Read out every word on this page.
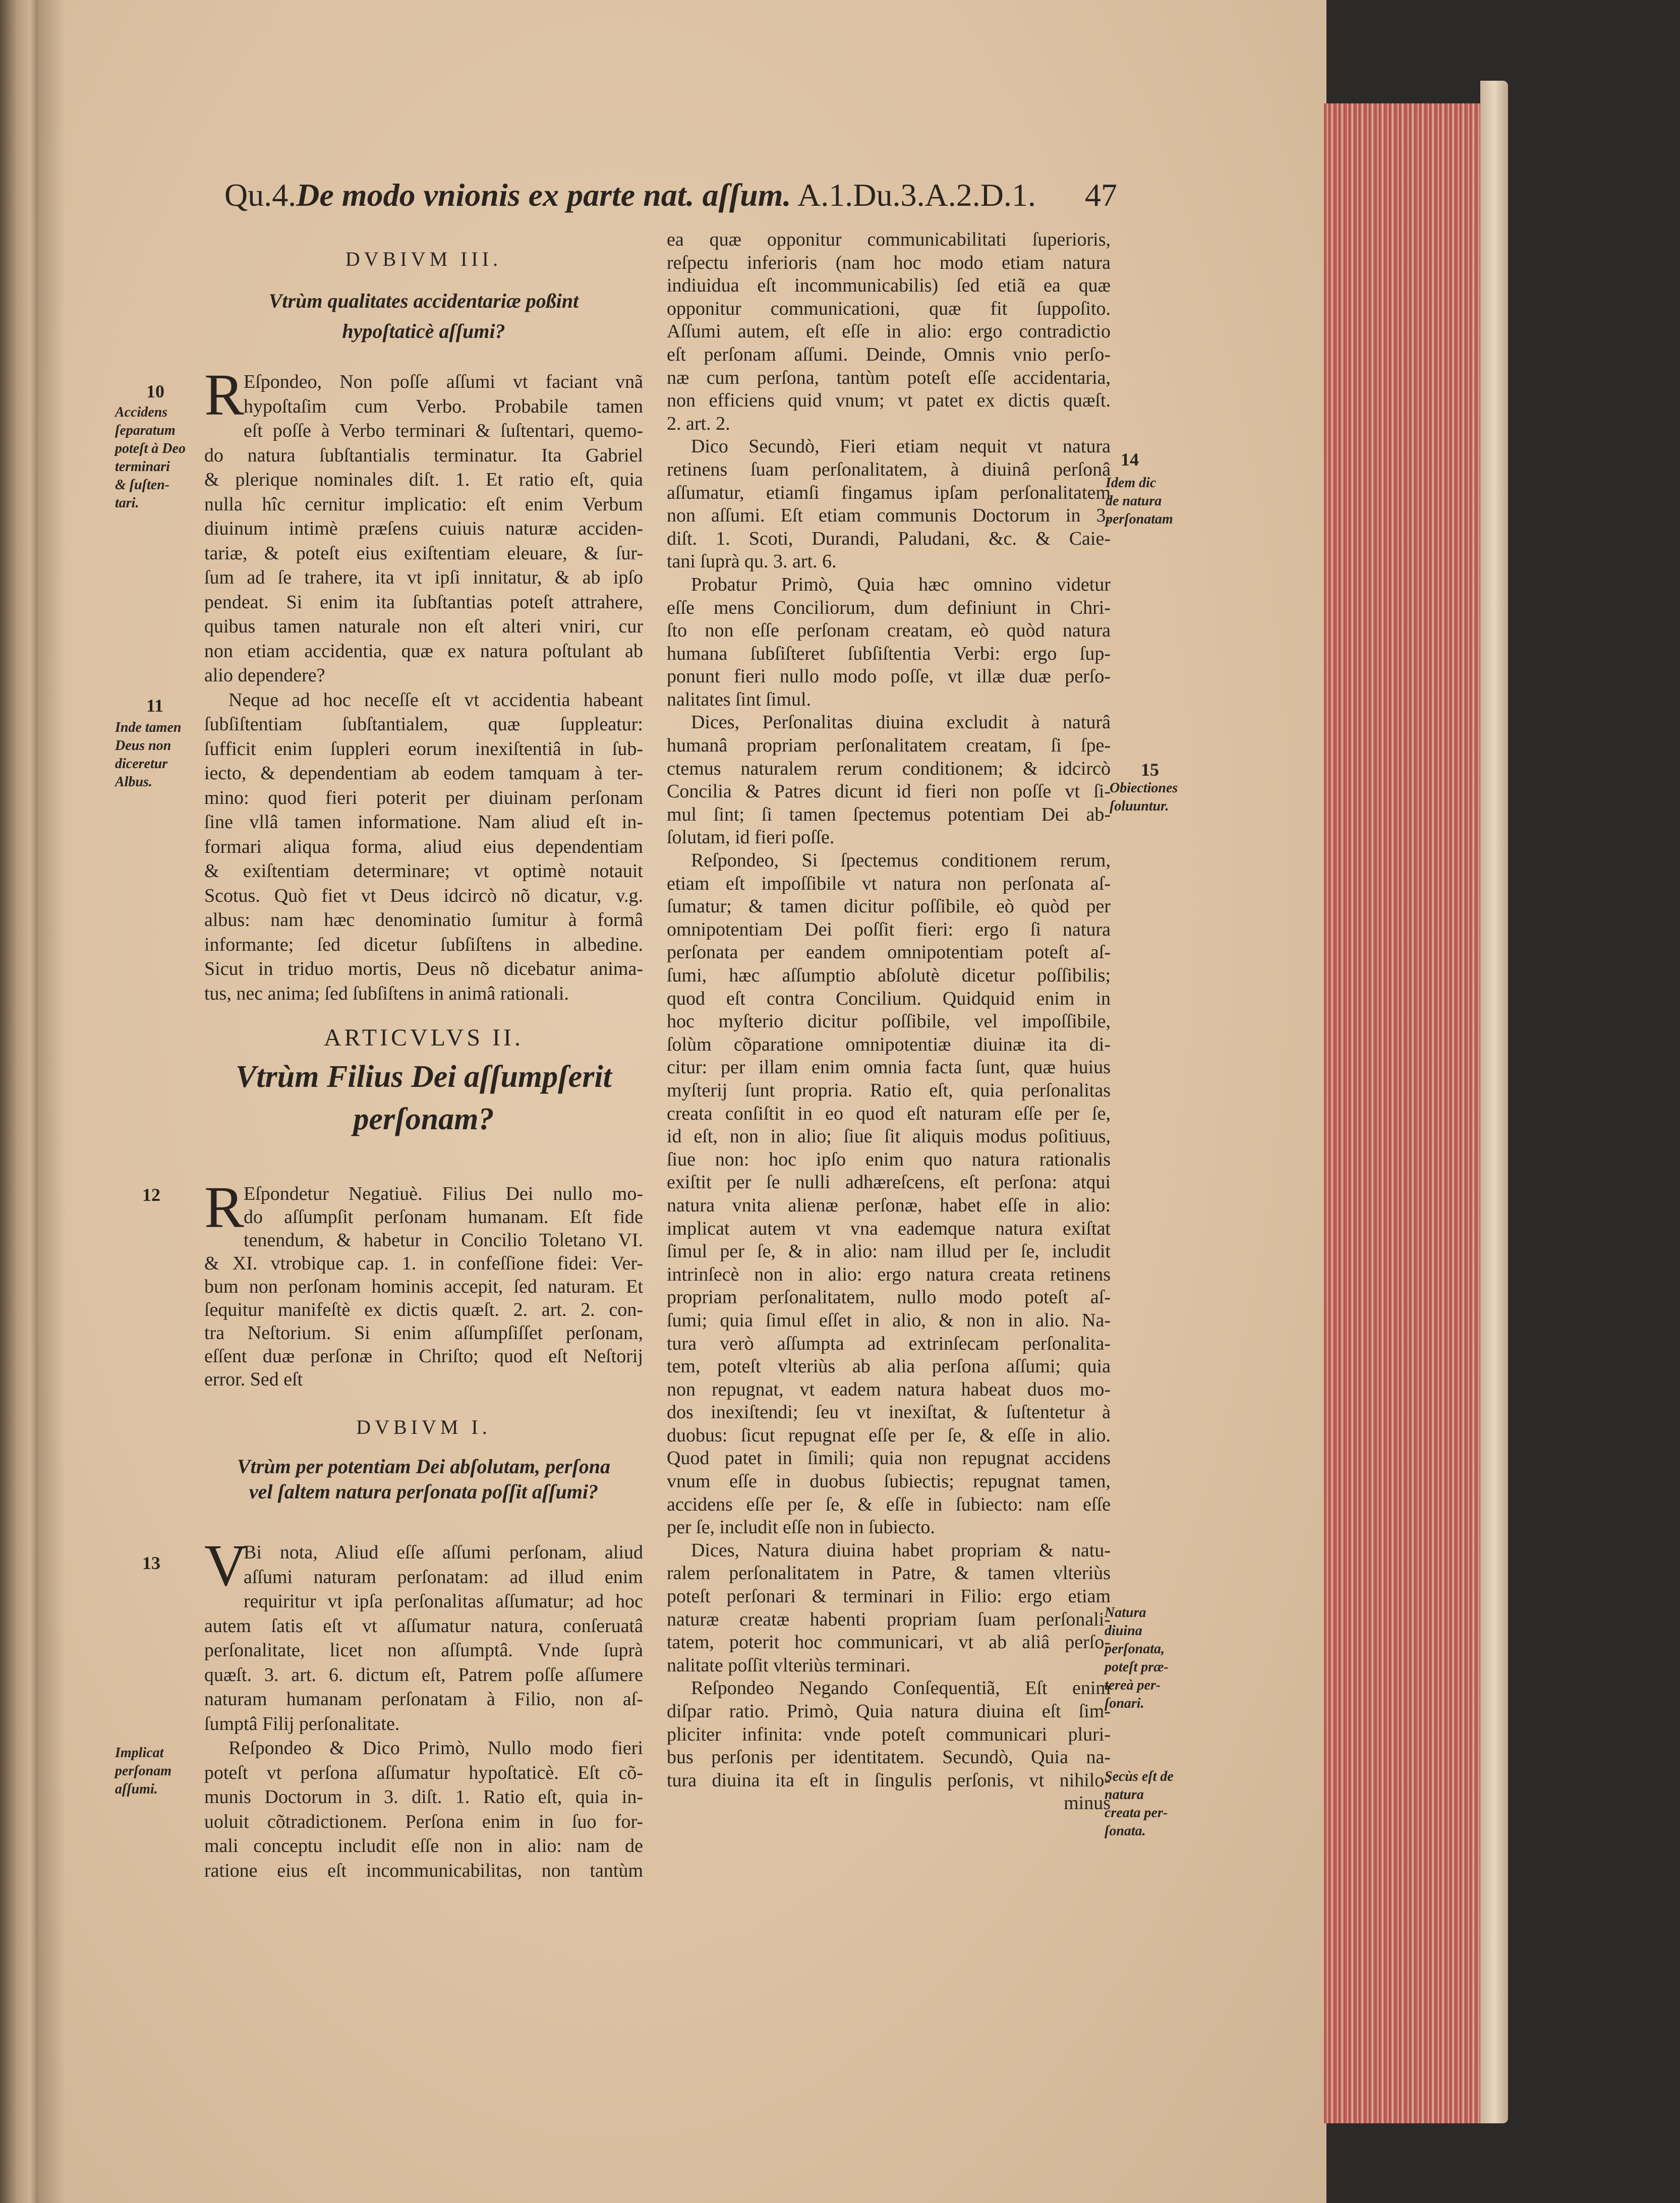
Qu.4.De modo vnionis ex parte nat. aſſum. A.1.Du.3.A.2.D.1. 47
DVBIVM III.
Vtrùm qualitates accidentariæ poßint
hypoſtaticè aſſumi?
R Eſpondeo, Non poſſe aſſumi vt faciant vnã
hypoſtaſim cum Verbo. Probabile tamen
eſt poſſe à Verbo terminari & ſuſtentari, quemo-
do natura ſubſtantialis terminatur. Ita Gabriel
& plerique nominales diſt. 1. Et ratio eſt, quia
nulla hîc cernitur implicatio: eſt enim Verbum
diuinum intimè præſens cuiuis naturæ acciden-
tariæ, & poteſt eius exiſtentiam eleuare, & ſur-
ſum ad ſe trahere, ita vt ipſi innitatur, & ab ipſo
pendeat. Si enim ita ſubſtantias poteſt attrahere,
quibus tamen naturale non eſt alteri vniri, cur
non etiam accidentia, quæ ex natura poſtulant ab
alio dependere?
Neque ad hoc neceſſe eſt vt accidentia habeant
ſubſiſtentiam ſubſtantialem, quæ ſuppleatur:
ſufficit enim ſuppleri eorum inexiſtentiâ in ſub-
iecto, & dependentiam ab eodem tamquam à ter-
mino: quod fieri poterit per diuinam perſonam
ſine vllâ tamen informatione. Nam aliud eſt in-
formari aliqua forma, aliud eius dependentiam
& exiſtentiam determinare; vt optimè notauit
Scotus. Quò fiet vt Deus idcircò nõ dicatur, v.g.
albus: nam hæc denominatio ſumitur à formâ
informante; ſed dicetur ſubſiſtens in albedine.
Sicut in triduo mortis, Deus nõ dicebatur anima-
tus, nec anima; ſed ſubſiſtens in animâ rationali.
ARTICVLVS II.
Vtrùm Filius Dei aſſumpſerit
perſonam?
R Eſpondetur Negatiuè. Filius Dei nullo mo-
do aſſumpſit perſonam humanam. Eſt fide
tenendum, & habetur in Concilio Toletano VI.
& XI. vtrobique cap. 1. in confeſſione fidei: Ver-
bum non perſonam hominis accepit, ſed naturam. Et
ſequitur manifeſtè ex dictis quæſt. 2. art. 2. con-
tra Neſtorium. Si enim aſſumpſiſſet perſonam,
eſſent duæ perſonæ in Chriſto; quod eſt Neſtorij
error. Sed eſt
DVBIVM I.
Vtrùm per potentiam Dei abſolutam, perſona
vel ſaltem natura perſonata poſſit aſſumi?
V
Bi nota, Aliud eſſe aſſumi perſonam, aliud
aſſumi naturam perſonatam: ad illud enim
requiritur vt ipſa perſonalitas aſſumatur; ad hoc
autem ſatis eſt vt aſſumatur natura, conſeruatâ
perſonalitate, licet non aſſumptâ. Vnde ſuprà
quæſt. 3. art. 6. dictum eſt, Patrem poſſe aſſumere
naturam humanam perſonatam à Filio, non aſ-
ſumptâ Filij perſonalitate.
Reſpondeo & Dico Primò, Nullo modo fieri
poteſt vt perſona aſſumatur hypoſtaticè. Eſt cõ-
munis Doctorum in 3. diſt. 1. Ratio eſt, quia in-
uoluit cõtradictionem. Perſona enim in ſuo for-
mali conceptu includit eſſe non in alio: nam de
ratione eius eſt incommunicabilitas, non tantùm
ea quæ opponitur communicabilitati ſuperioris,
reſpectu inferioris (nam hoc modo etiam natura
indiuidua eſt incommunicabilis) ſed etiã ea quæ
opponitur communicationi, quæ fit ſuppoſito.
Aſſumi autem, eſt eſſe in alio: ergo contradictio
eſt perſonam aſſumi. Deinde, Omnis vnio perſo-
næ cum perſona, tantùm poteſt eſſe accidentaria,
non efficiens quid vnum; vt patet ex dictis quæſt.
2. art. 2.
Dico Secundò, Fieri etiam nequit vt natura
retinens ſuam perſonalitatem, à diuinâ perſonâ
aſſumatur, etiamſi fingamus ipſam perſonalitatem
non aſſumi. Eſt etiam communis Doctorum in 3.
diſt. 1. Scoti, Durandi, Paludani, &c. & Caie-
tani ſuprà qu. 3. art. 6.
Probatur Primò, Quia hæc omnino videtur
eſſe mens Conciliorum, dum definiunt in Chri-
ſto non eſſe perſonam creatam, eò quòd natura
humana ſubſiſteret ſubſiſtentia Verbi: ergo ſup-
ponunt fieri nullo modo poſſe, vt illæ duæ perſo-
nalitates ſint ſimul.
Dices, Perſonalitas diuina excludit à naturâ
humanâ propriam perſonalitatem creatam, ſi ſpe-
ctemus naturalem rerum conditionem; & idcircò
Concilia & Patres dicunt id fieri non poſſe vt ſi-
mul ſint; ſi tamen ſpectemus potentiam Dei ab-
ſolutam, id fieri poſſe.
Reſpondeo, Si ſpectemus conditionem rerum,
etiam eſt impoſſibile vt natura non perſonata aſ-
ſumatur; & tamen dicitur poſſibile, eò quòd per
omnipotentiam Dei poſſit fieri: ergo ſi natura
perſonata per eandem omnipotentiam poteſt aſ-
ſumi, hæc aſſumptio abſolutè dicetur poſſibilis;
quod eſt contra Concilium. Quidquid enim in
hoc myſterio dicitur poſſibile, vel impoſſibile,
ſolùm cõparatione omnipotentiæ diuinæ ita di-
citur: per illam enim omnia facta ſunt, quæ huius
myſterij ſunt propria. Ratio eſt, quia perſonalitas
creata conſiſtit in eo quod eſt naturam eſſe per ſe,
id eſt, non in alio; ſiue ſit aliquis modus poſitiuus,
ſiue non: hoc ipſo enim quo natura rationalis
exiſtit per ſe nulli adhæreſcens, eſt perſona: atqui
natura vnita alienæ perſonæ, habet eſſe in alio:
implicat autem vt vna eademque natura exiſtat
ſimul per ſe, & in alio: nam illud per ſe, includit
intrinſecè non in alio: ergo natura creata retinens
propriam perſonalitatem, nullo modo poteſt aſ-
ſumi; quia ſimul eſſet in alio, & non in alio. Na-
tura verò aſſumpta ad extrinſecam perſonalita-
tem, poteſt vlteriùs ab alia perſona aſſumi; quia
non repugnat, vt eadem natura habeat duos mo-
dos inexiſtendi; ſeu vt inexiſtat, & ſuſtentetur à
duobus: ſicut repugnat eſſe per ſe, & eſſe in alio.
Quod patet in ſimili; quia non repugnat accidens
vnum eſſe in duobus ſubiectis; repugnat tamen,
accidens eſſe per ſe, & eſſe in ſubiecto: nam eſſe
per ſe, includit eſſe non in ſubiecto.
Dices, Natura diuina habet propriam & natu-
ralem perſonalitatem in Patre, & tamen vlteriùs
poteſt perſonari & terminari in Filio: ergo etiam
naturæ creatæ habenti propriam ſuam perſonali-
tatem, poterit hoc communicari, vt ab aliâ perſo-
nalitate poſſit vlteriùs terminari.
Reſpondeo Negando Conſequentiã, Eſt enim
diſpar ratio. Primò, Quia natura diuina eſt ſim-
pliciter infinita: vnde poteſt communicari pluri-
bus perſonis per identitatem. Secundò, Quia na-
tura diuina ita eſt in ſingulis perſonis, vt nihilo-
minus
10
Accidens
ſeparatum
poteſt à Deo
terminari
& ſuſten-
tari.
11
Inde tamen
Deus non
diceretur
Albus.
12
13
Implicat
perſonam
aſſumi.
14
Idem dic
de natura
perſonatam
15
Obiectiones
ſoluuntur.
Natura
diuina
perſonata,
poteſt præ-
tereà per-
ſonari.
Secùs eſt de
natura
creata per-
ſonata.
